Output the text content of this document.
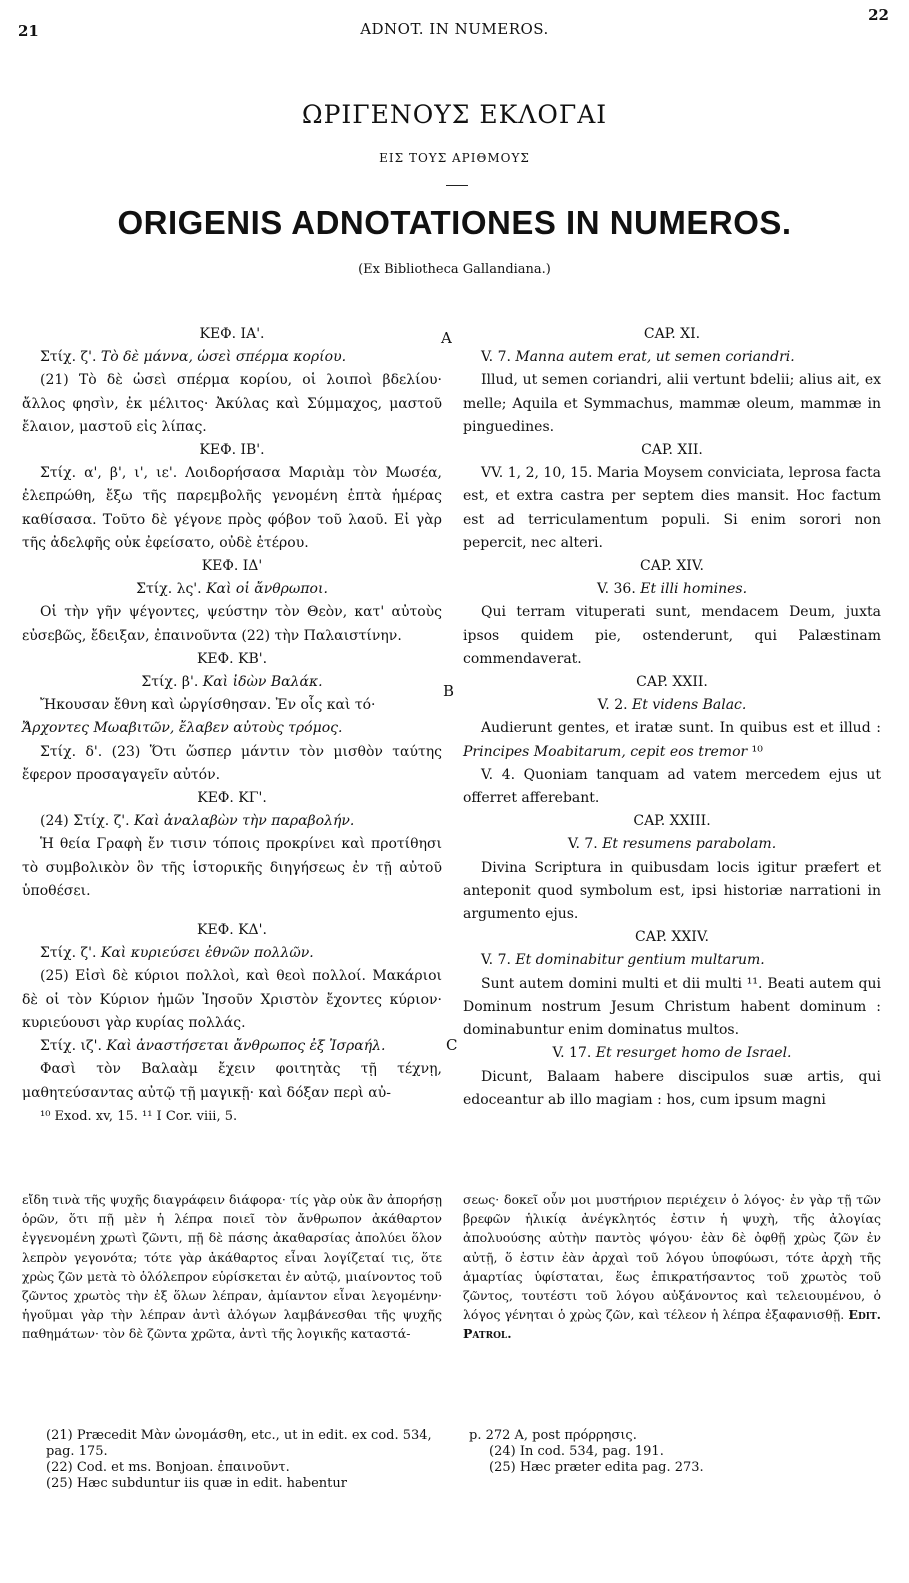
21	ADNOT. IN NUMEROS.
22
ΩΡΙΓΕΝΟΥΣ ΕΚΛΟΓΑΙ
ΕΙΣ ΤΟΥΣ ΑΡΙΘΜΟΥΣ
ORIGENIS ADNOTATIONES IN NUMEROS.
(Ex Bibliotheca Gallandiana.)
A
B
C

ΚΕΦ. ΙΑ'.

Στίχ. ζ'. Τὸ δὲ μάννα, ὡσεὶ σπέρμα κορίου.

(21) Τὸ δὲ ὡσεὶ σπέρμα κορίου, οἱ λοιποὶ βδελίου· ἄλλος φησὶν, ἐκ μέλιτος· Ἀκύλας καὶ Σύμμαχος, μαστοῦ ἔλαιον, μαστοῦ εἰς λίπας.

ΚΕΦ. ΙΒ'.

Στίχ. α', β', ι', ιε'. Λοιδορήσασα Μαριὰμ τὸν Μωσέα, ἐλεπρώθη, ἔξω τῆς παρεμβολῆς γενομένη ἑπτὰ ἡμέρας καθίσασα. Τοῦτο δὲ γέγονε πρὸς φόβον τοῦ λαοῦ. Εἰ γὰρ τῆς ἀδελφῆς οὐκ ἐφείσατο, οὐδὲ ἑτέρου.

ΚΕΦ. ΙΔ'

Στίχ. λς'. Καὶ οἱ ἄνθρωποι.

Οἱ τὴν γῆν ψέγοντες, ψεύστην τὸν Θεὸν, κατ' αὐτοὺς εὐσεβῶς, ἔδειξαν, ἐπαινοῦντα (22) τὴν Παλαιστίνην.

ΚΕΦ. ΚΒ'.

Στίχ. β'. Καὶ ἰδὼν Βαλάκ.

Ἤκουσαν ἔθνη καὶ ὠργίσθησαν. Ἐν οἷς καὶ τό·

Ἄρχοντες Μωαβιτῶν, ἔλαβεν αὐτοὺς τρόμος.

Στίχ. δ'. (23) Ὅτι ὥσπερ μάντιν τὸν μισθὸν ταύτης ἔφερον προσαγαγεῖν αὐτόν.

ΚΕΦ. ΚΓ'.

(24) Στίχ. ζ'. Καὶ ἀναλαβὼν τὴν παραβολήν.

Ἡ θεία Γραφὴ ἔν τισιν τόποις προκρίνει καὶ προτίθησι τὸ συμβολικὸν ὃν τῆς ἱστορικῆς διηγήσεως ἐν τῇ αὐτοῦ ὑποθέσει.

ΚΕΦ. ΚΔ'.

Στίχ. ζ'. Καὶ κυριεύσει ἐθνῶν πολλῶν.

(25) Εἰσὶ δὲ κύριοι πολλοὶ, καὶ θεοὶ πολλοί. Μακάριοι δὲ οἱ τὸν Κύριον ἡμῶν Ἰησοῦν Χριστὸν ἔχοντες κύριον· κυριεύουσι γὰρ κυρίας πολλάς.

Στίχ. ιζ'. Καὶ ἀναστήσεται ἄνθρωπος ἐξ Ἰσραήλ.

Φασὶ τὸν Βαλαὰμ ἔχειν φοιτητὰς τῇ τέχνῃ, μαθητεύσαντας αὐτῷ τῇ μαγικῇ· καὶ δόξαν περὶ αὐ-

¹⁰ Exod. xv, 15. ¹¹ I Cor. viii, 5.

CAP. XI.

V. 7. Manna autem erat, ut semen coriandri.

Illud, ut semen coriandri, alii vertunt bdelii; alius ait, ex melle; Aquila et Symmachus, mammæ oleum, mammæ in pinguedines.

CAP. XII.

VV. 1, 2, 10, 15. Maria Moysem conviciata, leprosa facta est, et extra castra per septem dies mansit. Hoc factum est ad terriculamentum populi. Si enim sorori non pepercit, nec alteri.

CAP. XIV.

V. 36. Et illi homines.

Qui terram vituperati sunt, mendacem Deum, juxta ipsos quidem pie, ostenderunt, qui Palæstinam commendaverat.

CAP. XXII.

V. 2. Et videns Balac.

Audierunt gentes, et iratæ sunt. In quibus est et illud : Principes Moabitarum, cepit eos tremor ¹⁰

V. 4. Quoniam tanquam ad vatem mercedem ejus ut offerret afferebant.

CAP. XXIII.

V. 7. Et resumens parabolam.

Divina Scriptura in quibusdam locis igitur præfert et anteponit quod symbolum est, ipsi historiæ narrationi in argumento ejus.

CAP. XXIV.

V. 7. Et dominabitur gentium multarum.

Sunt autem domini multi et dii multi ¹¹. Beati autem qui Dominum nostrum Jesum Christum habent dominum : dominabuntur enim dominatus multos.

V. 17. Et resurget homo de Israel.

Dicunt, Balaam habere discipulos suæ artis, qui edoceantur ab illo magiam : hos, cum ipsum magni

εἴδη τινὰ τῆς ψυχῆς διαγράφειν διάφορα· τίς γὰρ οὐκ ἂν ἀπορήσῃ ὁρῶν, ὅτι πῇ μὲν ἡ λέπρα ποιεῖ τὸν ἄνθρωπον ἀκάθαρτον ἐγγενομένη χρωτὶ ζῶντι, πῇ δὲ πάσης ἀκαθαρσίας ἀπολύει ὅλον λεπρὸν γεγονότα; τότε γὰρ ἀκάθαρτος εἶναι λογίζεταί τις, ὅτε χρὼς ζῶν μετὰ τὸ ὁλόλεπρον εὑρίσκεται ἐν αὐτῷ, μιαίνοντος τοῦ ζῶντος χρωτὸς τὴν ἐξ ὅλων λέπραν, ἀμίαντον εἶναι λεγομένην· ἡγοῦμαι γὰρ τὴν λέπραν ἀντὶ ἀλόγων λαμβάνεσθαι τῆς ψυχῆς παθημάτων· τὸν δὲ ζῶντα χρῶτα, ἀντὶ τῆς λογικῆς καταστά-

σεως· δοκεῖ οὖν μοι μυστήριον περιέχειν ὁ λόγος· ἐν γὰρ τῇ τῶν βρεφῶν ἡλικίᾳ ἀνέγκλητός ἐστιν ἡ ψυχὴ, τῆς ἀλογίας ἀπολυούσης αὐτὴν παντὸς ψόγου· ἐὰν δὲ ὀφθῇ χρὼς ζῶν ἐν αὐτῇ, ὅ ἐστιν ἐὰν ἀρχαὶ τοῦ λόγου ὑποφύωσι, τότε ἀρχὴ τῆς ἁμαρτίας ὑφίσταται, ἕως ἐπικρατήσαντος τοῦ χρωτὸς τοῦ ζῶντος, τουτέστι τοῦ λόγου αὐξάνοντος καὶ τελειουμένου, ὁ λόγος γένηται ὁ χρὼς ζῶν, καὶ τέλεον ἡ λέπρα ἐξαφανισθῇ. Edit. Patrol.

(21) Præcedit Μὰν ὠνομάσθη, etc., ut in edit. ex cod. 534, pag. 175.

(22) Cod. et ms. Bonjoan. ἐπαινοῦντ.

(25) Hæc subduntur iis quæ in edit. habentur

p. 272 A, post πρόρρησις.

(24) In cod. 534, pag. 191.

(25) Hæc præter edita pag. 273.
